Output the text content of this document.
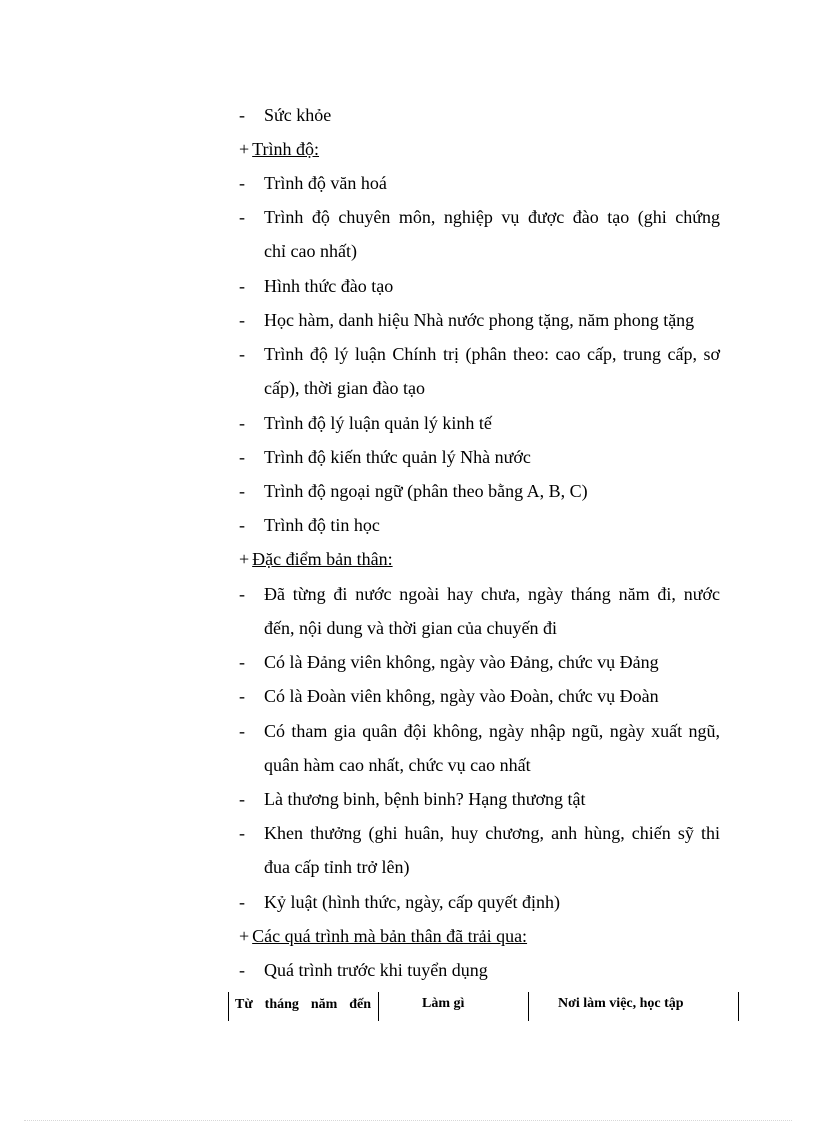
- Sức khỏe
+ Trình độ:
- Trình độ văn hoá
- Trình độ chuyên môn, nghiệp vụ được đào tạo (ghi chứng
chỉ cao nhất)
- Hình thức đào tạo
- Học hàm, danh hiệu Nhà nước phong tặng, năm phong tặng
- Trình độ lý luận Chính trị (phân theo: cao cấp, trung cấp, sơ
cấp), thời gian đào tạo
- Trình độ lý luận quản lý kinh tế
- Trình độ kiến thức quản lý Nhà nước
- Trình độ ngoại ngữ (phân theo bằng A, B, C)
- Trình độ tin học
+ Đặc điểm bản thân:
- Đã từng đi nước ngoài hay chưa, ngày tháng năm đi, nước
đến, nội dung và thời gian của chuyến đi
- Có là Đảng viên không, ngày vào Đảng, chức vụ Đảng
- Có là Đoàn viên không, ngày vào Đoàn, chức vụ Đoàn
- Có tham gia quân đội không, ngày nhập ngũ, ngày xuất ngũ,
quân hàm cao nhất, chức vụ cao nhất
- Là thương binh, bệnh binh? Hạng thương tật
- Khen thưởng (ghi huân, huy chương, anh hùng, chiến sỹ thi
đua cấp tỉnh trở lên)
- Kỷ luật (hình thức, ngày, cấp quyết định)
+ Các quá trình mà bản thân đã trải qua:
- Quá trình trước khi tuyển dụng
Từ tháng năm đến	Làm gì	Nơi làm việc, học tập
